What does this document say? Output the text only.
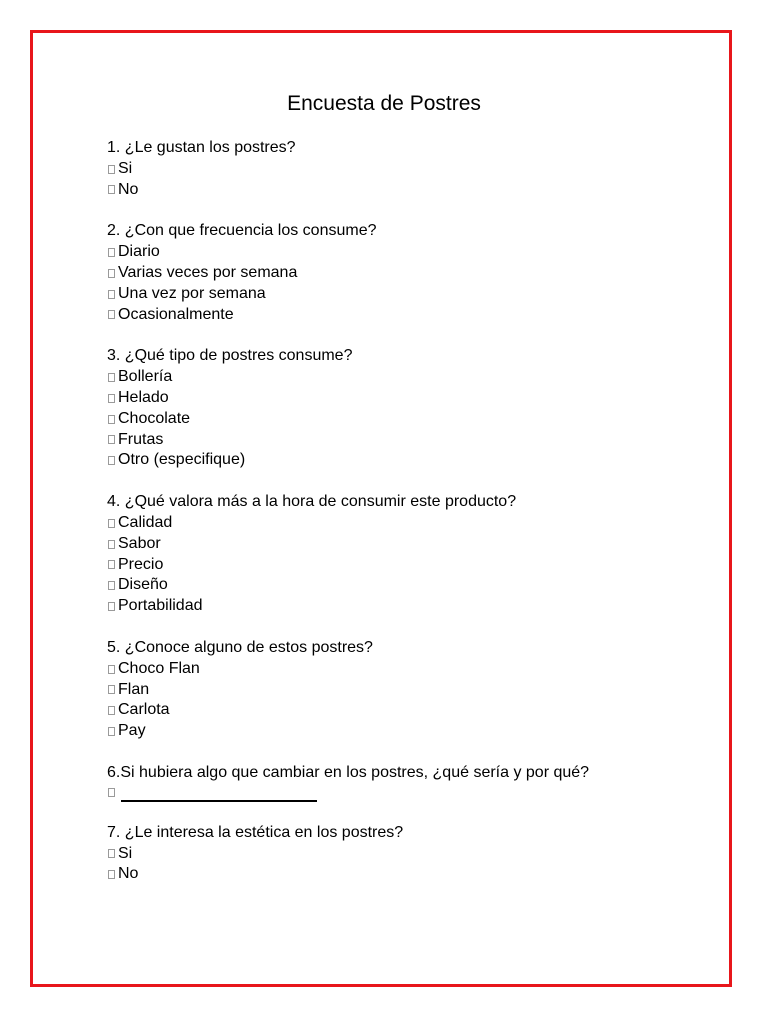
Encuesta de Postres
1. ¿Le gustan los postres?
Si
No
2. ¿Con que frecuencia los consume?
Diario
Varias veces por semana
Una vez por semana
Ocasionalmente
3. ¿Qué tipo de postres consume?
Bollería
Helado
Chocolate
Frutas
Otro (especifique)
4. ¿Qué valora más a la hora de consumir este producto?
Calidad
Sabor
Precio
Diseño
Portabilidad
5. ¿Conoce alguno de estos postres?
Choco Flan
Flan
Carlota
Pay
6.Si hubiera algo que cambiar en los postres, ¿qué sería y por qué?
7. ¿Le interesa la estética en los postres?
Si
No
